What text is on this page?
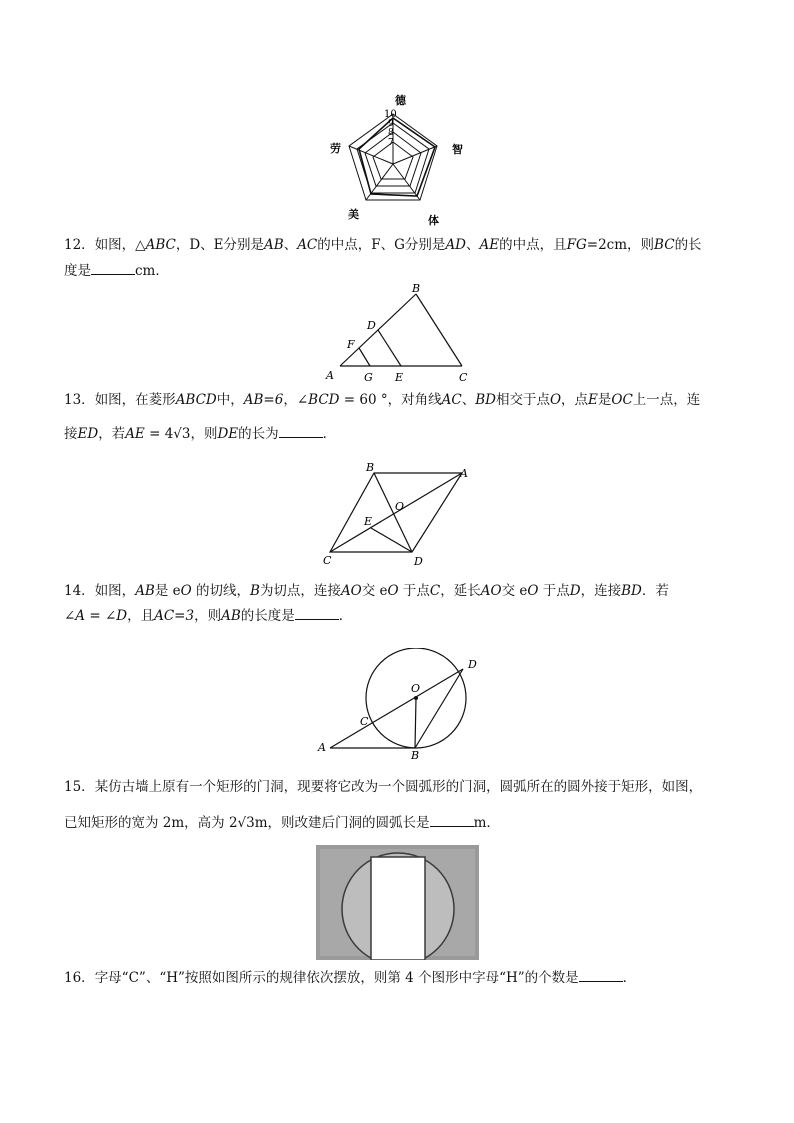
10
9
8
7
德
智
体
美
劳
12．如图，△ABC，D、E分别是AB、AC的中点，F、G分别是AD、AE的中点，且FG=2cm，则BC的长
度是	cm．
B
D
F
A	G E	C
13．如图，在菱形ABCD中，AB=6，∠BCD = 60 °，对角线AC、BD相交于点O，点E是OC上一点，连
接ED，若AE = 4√3，则DE的长为	．
B	A
O
E
C	D
14．如图，AB是 eO 的切线，B为切点，连接AO交 eO 于点C，延长AO交 eO 于点D，连接BD．若
∠A = ∠D，且AC=3，则AB的长度是	．
D
O
C
A
B
15．某仿古墙上原有一个矩形的门洞，现要将它改为一个圆弧形的门洞，圆弧所在的圆外接于矩形，如图，
已知矩形的宽为 2m，高为 2√3m，则改建后门洞的圆弧长是	m．
16．字母“C”、“H”按照如图所示的规律依次摆放，则第 4 个图形中字母“H”的个数是	．
